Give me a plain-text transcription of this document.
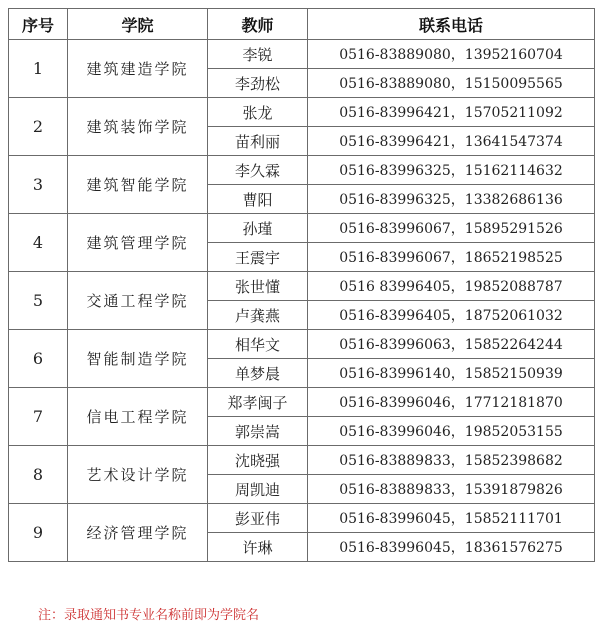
序号	学院	教师	联系电话
1	建筑建造学院	李锐	0516-83889080，13952160704
		李劲松	0516-83889080，15150095565
2	建筑装饰学院	张龙	0516-83996421，15705211092
		苗利丽	0516-83996421，13641547374
3	建筑智能学院	李久霖	0516-83996325，15162114632
		曹阳	0516-83996325，13382686136
4	建筑管理学院	孙瑾	0516-83996067，15895291526
		王震宇	0516-83996067，18652198525
5	交通工程学院	张世懂	0516 83996405，19852088787
		卢龚燕	0516-83996405，18752061032
6	智能制造学院	相华文	0516-83996063，15852264244
		单梦晨	0516-83996140，15852150939
7	信电工程学院	郑孝闽子	0516-83996046，17712181870
		郭崇嵩	0516-83996046，19852053155
8	艺术设计学院	沈晓强	0516-83889833，15852398682
		周凯迪	0516-83889833，15391879826
9	经济管理学院	彭亚伟	0516-83996045，15852111701
		许琳	0516-83996045，18361576275
注：录取通知书专业名称前即为学院名
